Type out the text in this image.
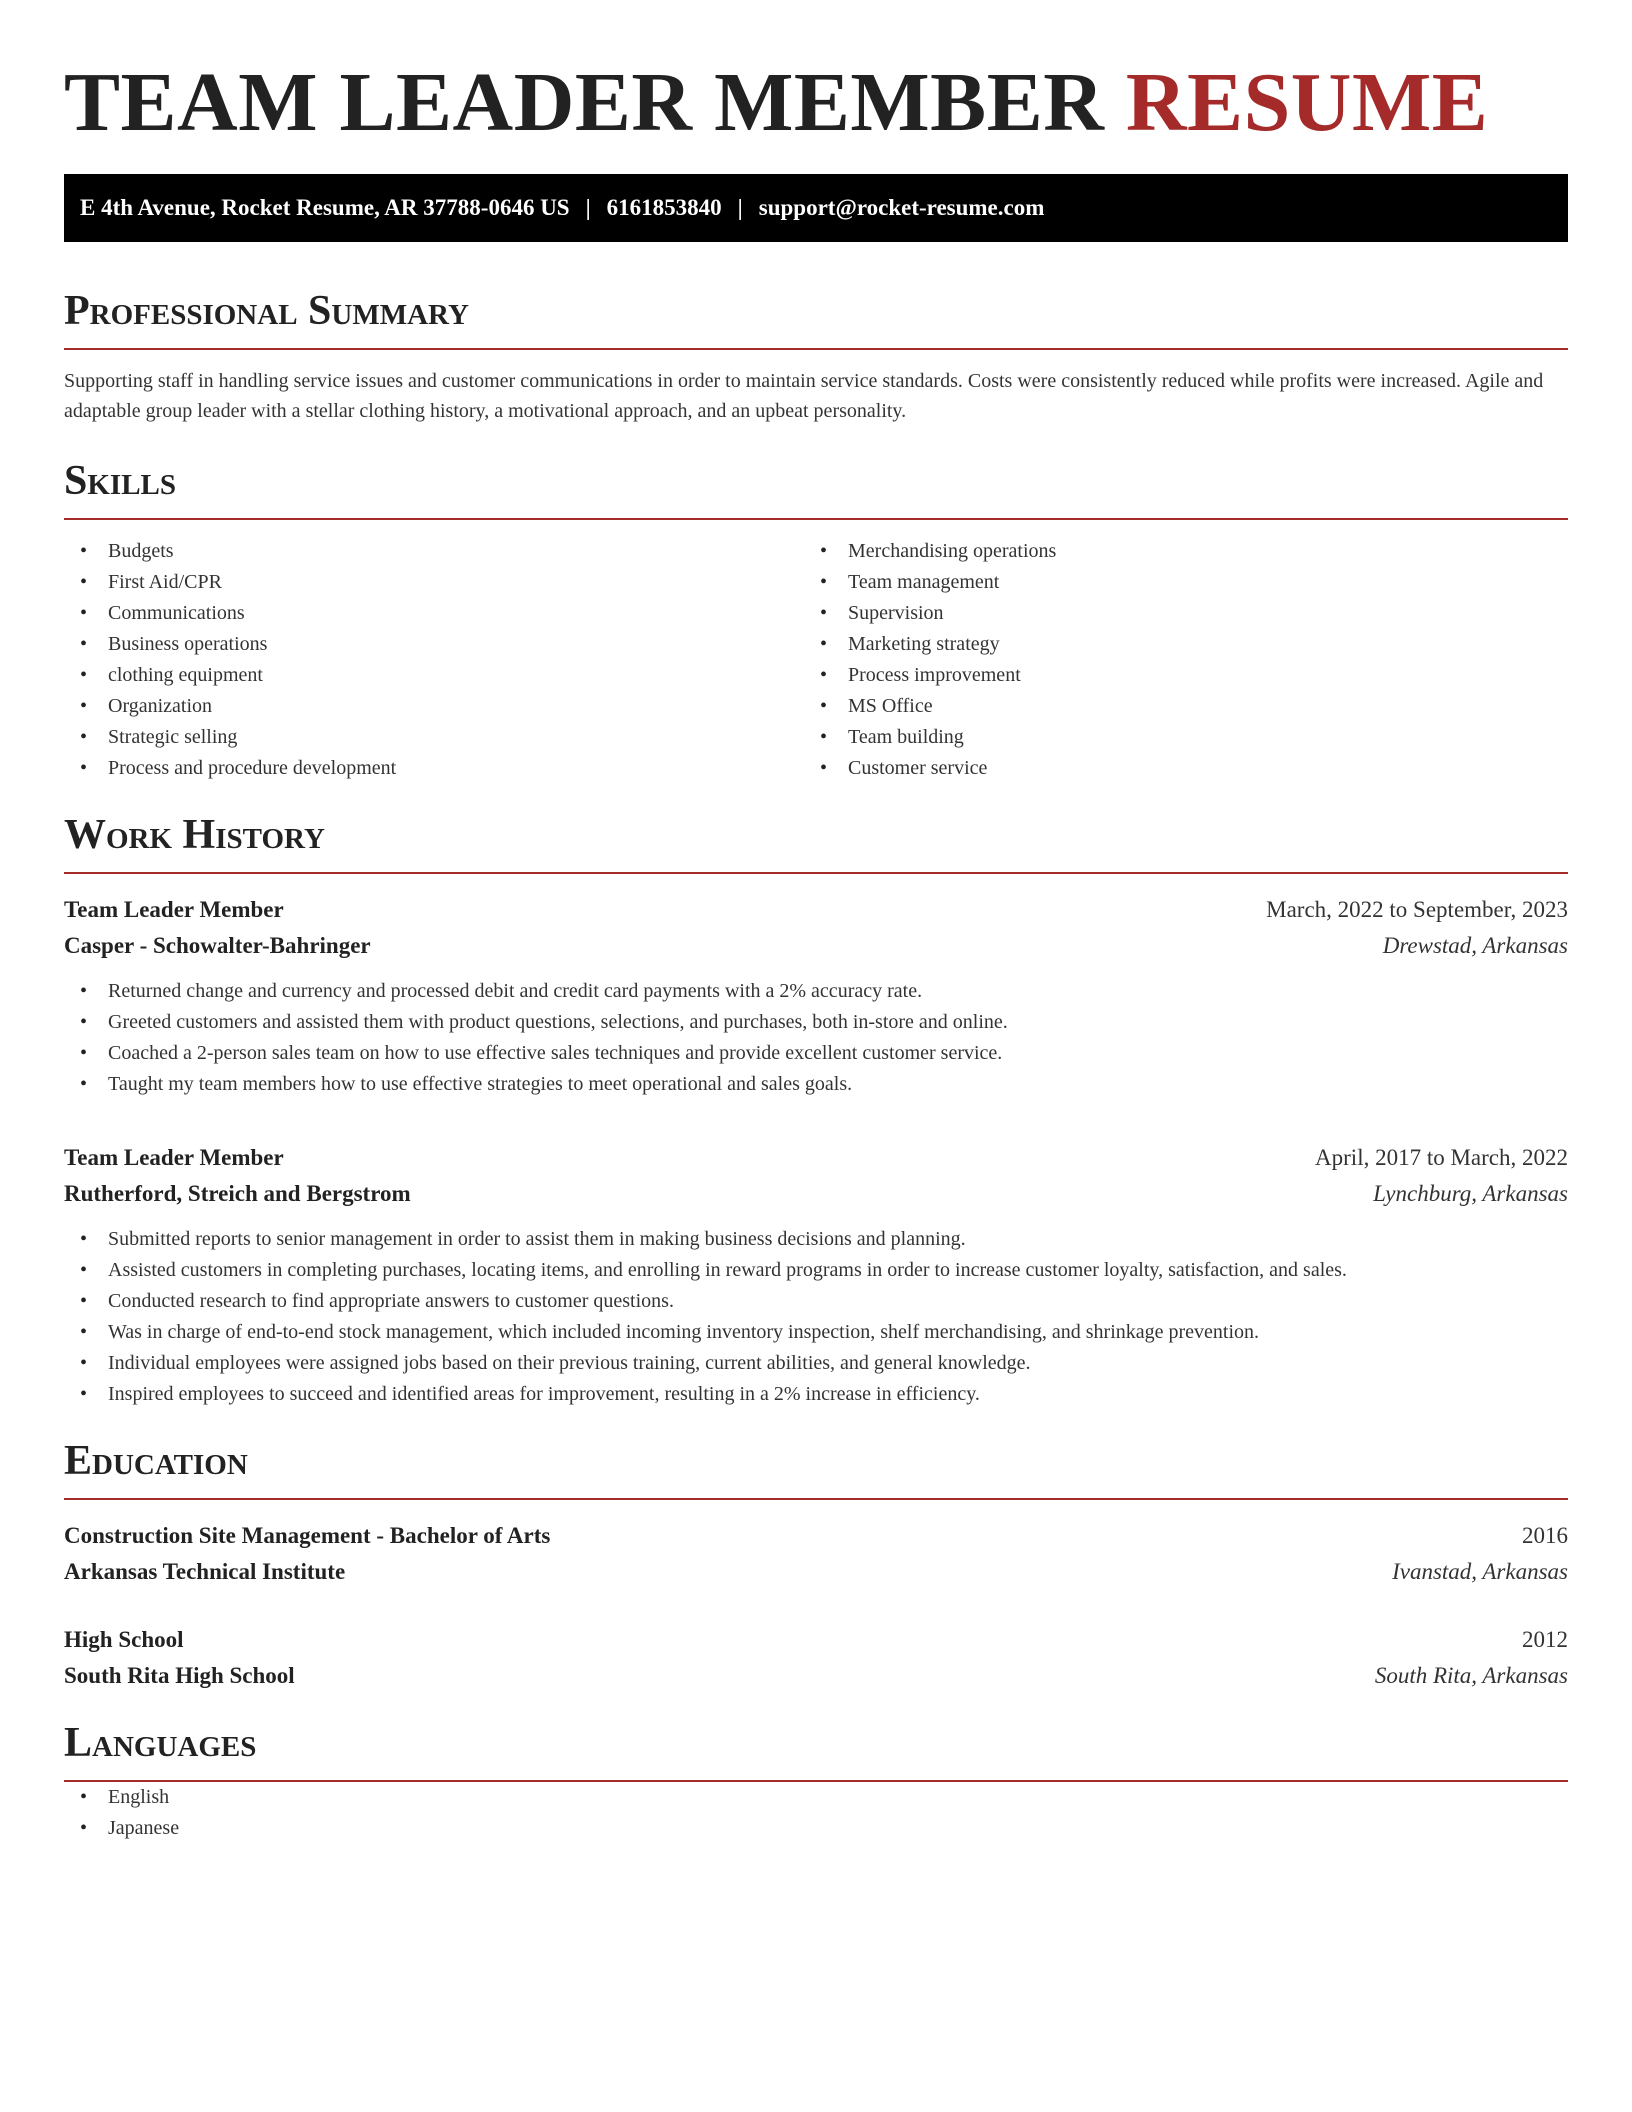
TEAM LEADER MEMBER RESUME
E 4th Avenue, Rocket Resume, AR 37788-0646 US | 6161853840 | support@rocket-resume.com
Professional Summary

Supporting staff in handling service issues and customer communications in order to maintain service standards. Costs were consistently reduced while profits were increased. Agile and adaptable group leader with a stellar clothing history, a motivational approach, and an upbeat personality.

Skills
• Budgets
• First Aid/CPR
• Communications
• Business operations
• clothing equipment
• Organization
• Strategic selling
• Process and procedure development
• Merchandising operations
• Team management
• Supervision
• Marketing strategy
• Process improvement
• MS Office
• Team building
• Customer service
Work History
Team Leader Member	March, 2022 to September, 2023
Casper - Schowalter-Bahringer	Drewstad, Arkansas
• Returned change and currency and processed debit and credit card payments with a 2% accuracy rate.
• Greeted customers and assisted them with product questions, selections, and purchases, both in-store and online.
• Coached a 2-person sales team on how to use effective sales techniques and provide excellent customer service.
• Taught my team members how to use effective strategies to meet operational and sales goals.
Team Leader Member	April, 2017 to March, 2022
Rutherford, Streich and Bergstrom	Lynchburg, Arkansas
• Submitted reports to senior management in order to assist them in making business decisions and planning.
• Assisted customers in completing purchases, locating items, and enrolling in reward programs in order to increase customer loyalty, satisfaction, and sales.
• Conducted research to find appropriate answers to customer questions.
• Was in charge of end-to-end stock management, which included incoming inventory inspection, shelf merchandising, and shrinkage prevention.
• Individual employees were assigned jobs based on their previous training, current abilities, and general knowledge.
• Inspired employees to succeed and identified areas for improvement, resulting in a 2% increase in efficiency.
Education
Construction Site Management - Bachelor of Arts	2016
Arkansas Technical Institute	Ivanstad, Arkansas
High School	2012
South Rita High School	South Rita, Arkansas
Languages
• English
• Japanese
